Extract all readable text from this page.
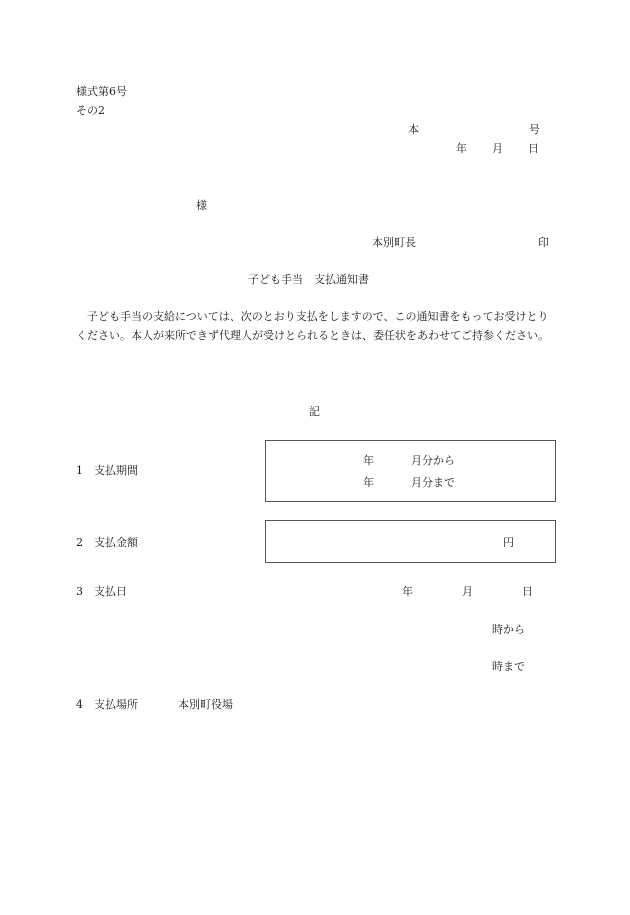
様式第6号
その2
本	号
年 月 日
様
本別町長	印
子ども手当　支払通知書
子ども手当の支給については、次のとおり支払をしますので、この通知書をもってお受けとりください。本人が来所できず代理人が受けとられるときは、委任状をあわせてご持参ください。
記
1　支払期間
年	月分から
年	月分まで
2　支払金額	円
3　支払日	年	月	日
時から
時まで
4　支払場所	本別町役場
